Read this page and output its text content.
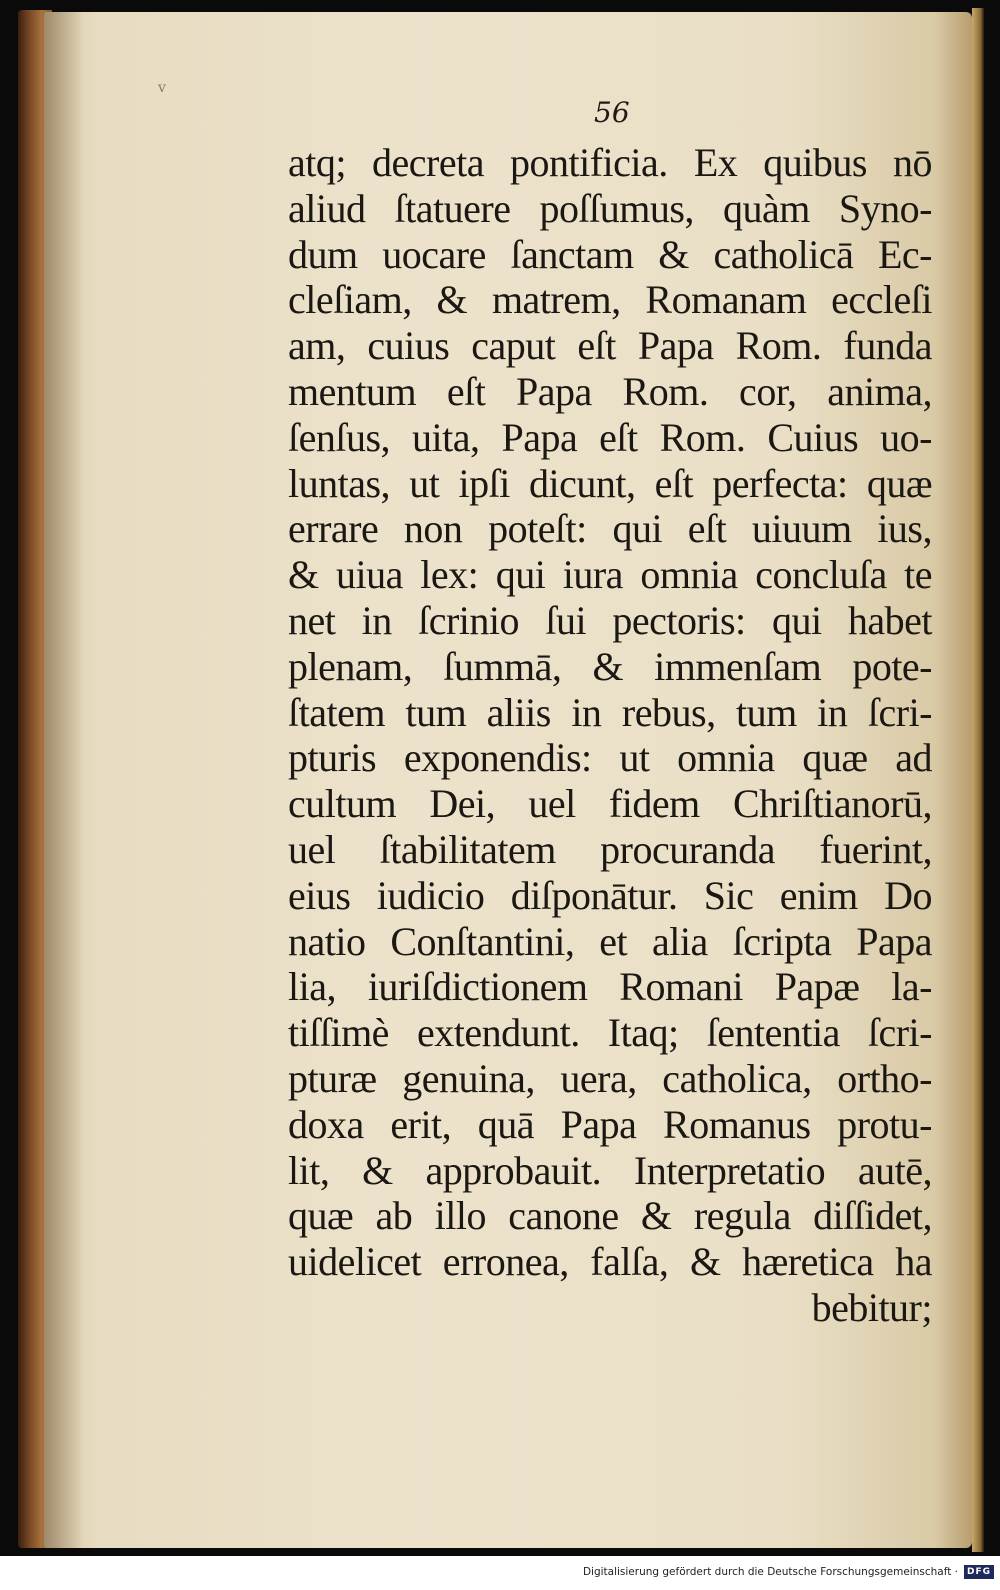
v
56
atq; decreta pontificia. Ex quibus nō
aliud ſtatuere poſſumus, quàm Syno-
dum uocare ſanctam & catholicā Ec-
cleſiam, & matrem, Romanam eccleſi
am, cuius caput eſt Papa Rom. funda
mentum eſt Papa Rom. cor, anima,
ſenſus, uita, Papa eſt Rom. Cuius uo-
luntas, ut ipſi dicunt, eſt perfecta: quæ
errare non poteſt: qui eſt uiuum ius,
& uiua lex: qui iura omnia concluſa te
net in ſcrinio ſui pectoris: qui habet
plenam, ſummā, & immenſam pote-
ſtatem tum aliis in rebus, tum in ſcri-
pturis exponendis: ut omnia quæ ad
cultum Dei, uel fidem Chriſtianorū,
uel ſtabilitatem procuranda fuerint,
eius iudicio diſponātur. Sic enim Do
natio Conſtantini, et alia ſcripta Papa
lia, iuriſdictionem Romani Papæ la-
tiſſimè extendunt. Itaq; ſententia ſcri-
pturæ genuina, uera, catholica, ortho-
doxa erit, quā Papa Romanus protu-
lit, & approbauit. Interpretatio autē,
quæ ab illo canone & regula diſſidet,
uidelicet erronea, falſa, & hæretica ha
bebitur;
Digitalisierung gefördert durch die Deutsche Forschungsgemeinschaft · DFG
